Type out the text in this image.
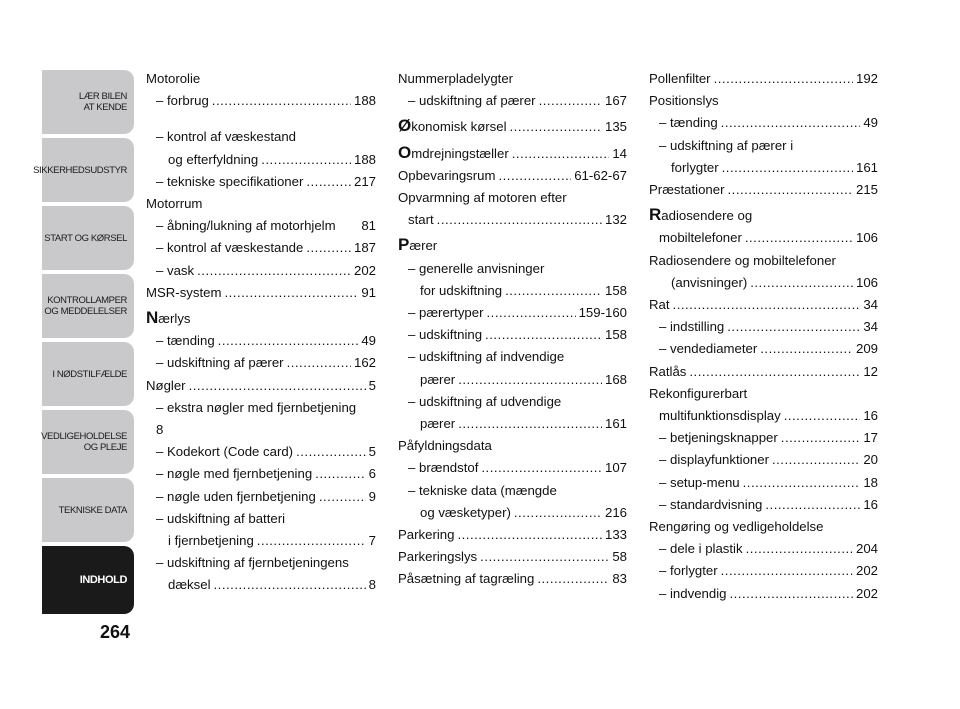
LÆR BILEN
AT KENDE
SIKKERHEDSUDSTYR
START OG KØRSEL
KONTROLLAMPER
OG MEDDELELSER
I NØDSTILFÆLDE
VEDLIGEHOLDELSE
OG PLEJE
TEKNISKE DATA
INDHOLD
264
Motorolie
– forbrug .....	188
– kontrol af væskestand
og efterfyldning .....	188
– tekniske specifikationer .....	217
Motorrum
– åbning/lukning af motorhjelm 81
– kontrol af væskestande .....	187
– vask .....	202
MSR-system .....	91
Nærlys
– tænding .....	49
– udskiftning af pærer .....	162
Nøgler .....	5
– ekstra nøgler med fjernbetjening
8
– Kodekort (Code card) .....	5
– nøgle med fjernbetjening .....	6
– nøgle uden fjernbetjening .....	9
– udskiftning af batteri
i fjernbetjening .....	7
– udskiftning af fjernbetjeningens
dæksel .....	8
Nummerpladelygter
– udskiftning af pærer .....	167
Økonomisk kørsel .....	135
Omdrejningstæller .....	14
Opbevaringsrum .....	61-62-67
Opvarmning af motoren efter
start .....	132
Pærer
– generelle anvisninger
for udskiftning .....	158
– pærertyper .....	159-160
– udskiftning .....	158
– udskiftning af indvendige
pærer .....	168
– udskiftning af udvendige
pærer .....	161
Påfyldningsdata
– brændstof .....	107
– tekniske data (mængde
og væsketyper) .....	216
Parkering .....	133
Parkeringslys .....	58
Påsætning af tagræling .....	83
Pollenfilter .....	192
Positionslys
– tænding .....	49
– udskiftning af pærer i
forlygter .....	161
Præstationer .....	215
Radiosendere og
mobiltelefoner .....	106
Radiosendere og mobiltelefoner
(anvisninger) .....	106
Rat .....	34
– indstilling .....	34
– vendediameter .....	209
Ratlås .....	12
Rekonfigurerbart
multifunktionsdisplay .....	16
– betjeningsknapper .....	17
– displayfunktioner .....	20
– setup-menu .....	18
– standardvisning .....	16
Rengøring og vedligeholdelse
– dele i plastik .....	204
– forlygter .....	202
– indvendig .....	202
